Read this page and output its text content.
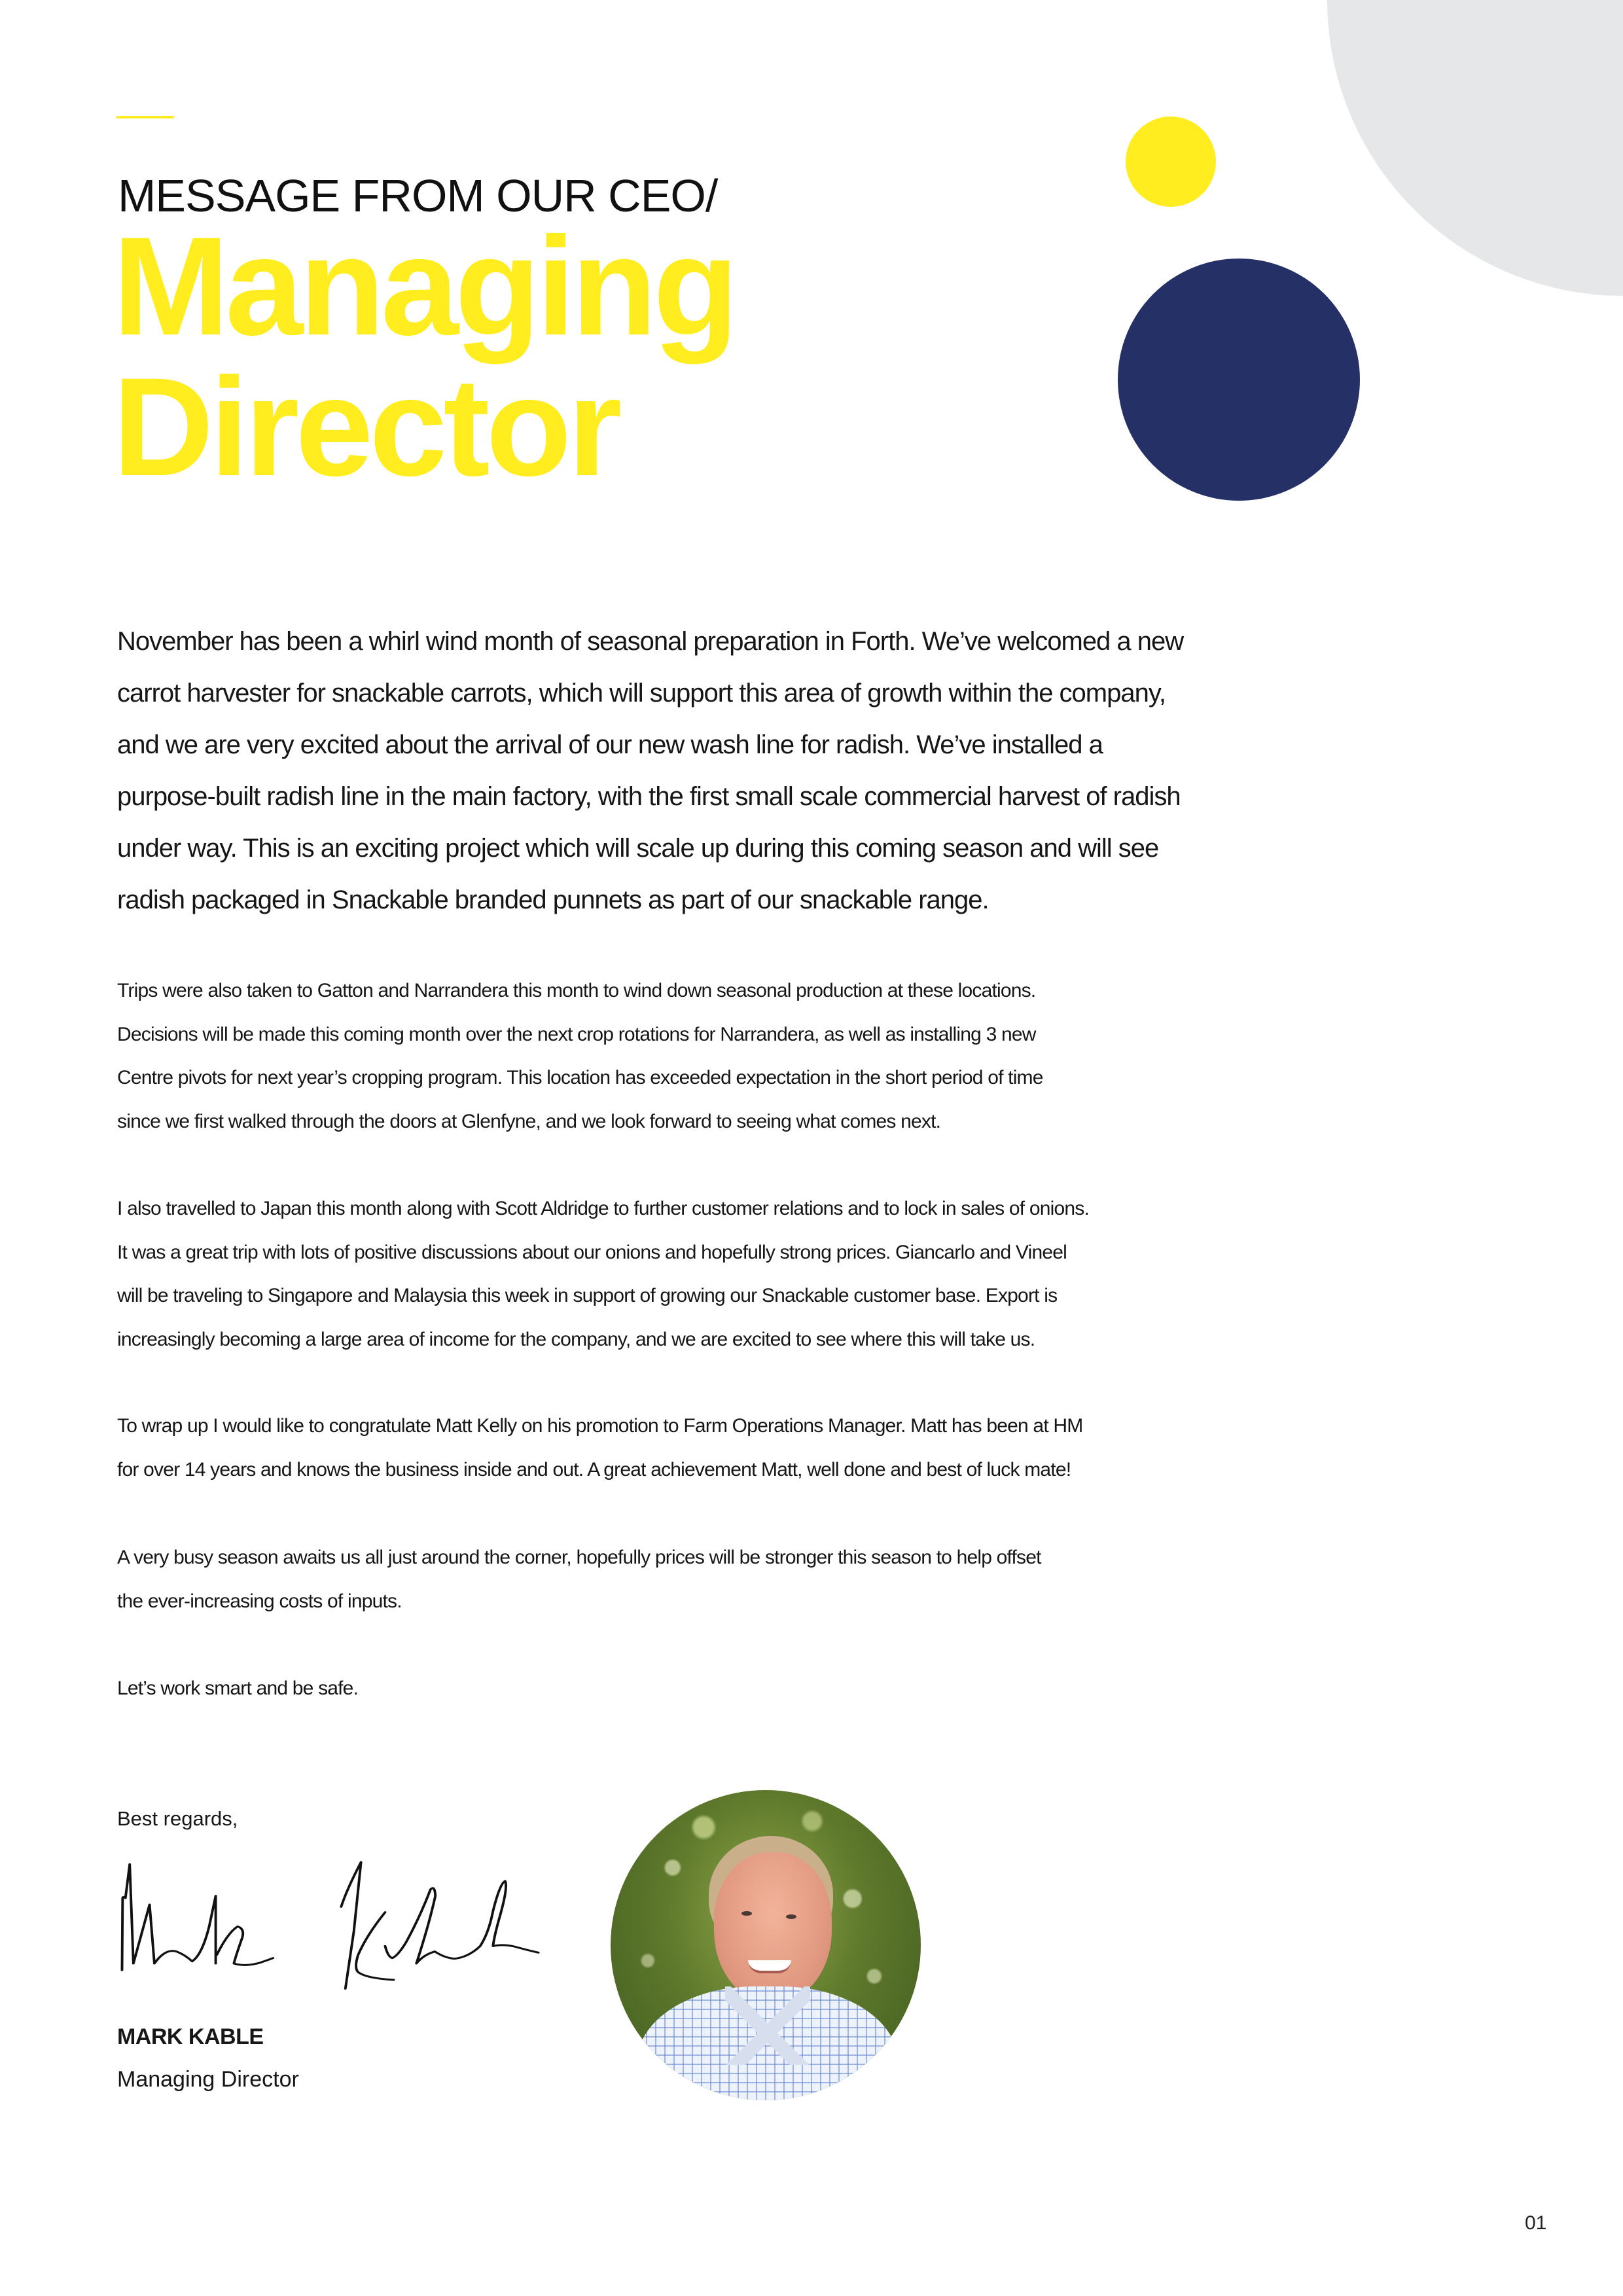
MESSAGE FROM OUR CEO/
Managing
Director
November has been a whirl wind month of seasonal preparation in Forth. We’ve welcomed a new
carrot harvester for snackable carrots, which will support this area of growth within the company,
and we are very excited about the arrival of our new wash line for radish. We’ve installed a
purpose-built radish line in the main factory, with the first small scale commercial harvest of radish
under way. This is an exciting project which will scale up during this coming season and will see
radish packaged in Snackable branded punnets as part of our snackable range.
Trips were also taken to Gatton and Narrandera this month to wind down seasonal production at these locations.
Decisions will be made this coming month over the next crop rotations for Narrandera, as well as installing 3 new
Centre pivots for next year’s cropping program. This location has exceeded expectation in the short period of time
since we first walked through the doors at Glenfyne, and we look forward to seeing what comes next.
I also travelled to Japan this month along with Scott Aldridge to further customer relations and to lock in sales of onions.
It was a great trip with lots of positive discussions about our onions and hopefully strong prices. Giancarlo and Vineel
will be traveling to Singapore and Malaysia this week in support of growing our Snackable customer base. Export is
increasingly becoming a large area of income for the company, and we are excited to see where this will take us.
To wrap up I would like to congratulate Matt Kelly on his promotion to Farm Operations Manager. Matt has been at HM
for over 14 years and knows the business inside and out. A great achievement Matt, well done and best of luck mate!
A very busy season awaits us all just around the corner, hopefully prices will be stronger this season to help offset
the ever-increasing costs of inputs.
Let’s work smart and be safe.
Best regards,
MARK KABLE
Managing Director
01
